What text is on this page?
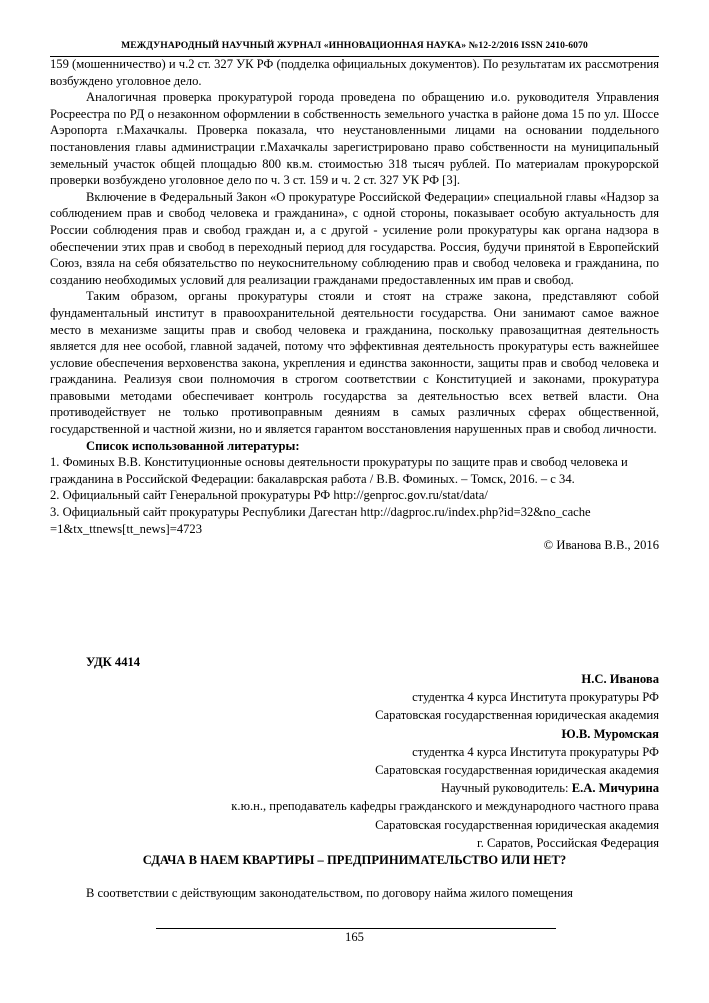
МЕЖДУНАРОДНЫЙ НАУЧНЫЙ ЖУРНАЛ «ИННОВАЦИОННАЯ НАУКА» №12-2/2016 ISSN 2410-6070

159 (мошенничество) и ч.2 ст. 327 УК РФ (подделка официальных документов). По результатам их рассмотрения возбуждено уголовное дело.

Аналогичная проверка прокуратурой города проведена по обращению и.о. руководителя Управления Росреестра по РД о незаконном оформлении в собственность земельного участка в районе дома 15 по ул. Шоссе Аэропорта г.Махачкалы. Проверка показала, что неустановленными лицами на основании поддельного постановления главы администрации г.Махачкалы зарегистрировано право собственности на муниципальный земельный участок общей площадью 800 кв.м. стоимостью 318 тысяч рублей. По материалам прокурорской проверки возбуждено уголовное дело по ч. 3 ст. 159 и ч. 2 ст. 327 УК РФ [3].

Включение в Федеральный Закон «О прокуратуре Российской Федерации» специальной главы «Надзор за соблюдением прав и свобод человека и гражданина», с одной стороны, показывает особую актуальность для России соблюдения прав и свобод граждан и, а с другой - усиление роли прокуратуры как органа надзора в обеспечении этих прав и свобод в переходный период для государства. Россия, будучи принятой в Европейский Союз, взяла на себя обязательство по неукоснительному соблюдению прав и свобод человека и гражданина, по созданию необходимых условий для реализации гражданами предоставленных им прав и свобод.

Таким образом, органы прокуратуры стояли и стоят на страже закона, представляют собой фундаментальный институт в правоохранительной деятельности государства. Они занимают самое важное место в механизме защиты прав и свобод человека и гражданина, поскольку правозащитная деятельность является для нее особой, главной задачей, потому что эффективная деятельность прокуратуры есть важнейшее условие обеспечения верховенства закона, укрепления и единства законности, защиты прав и свобод человека и гражданина. Реализуя свои полномочия в строгом соответствии с Конституцией и законами, прокуратура правовыми методами обеспечивает контроль государства за деятельностью всех ветвей власти. Она противодействует не только противоправным деяниям в самых различных сферах общественной, государственной и частной жизни, но и является гарантом восстановления нарушенных прав и свобод личности.

Список использованной литературы:

1. Фоминых В.В. Конституционные основы деятельности прокуратуры по защите прав и свобод человека и гражданина в Российской Федерации: бакалаврская работа / В.В. Фоминых. – Томск, 2016. – с 34.

2. Официальный сайт Генеральной прокуратуры РФ http://genproc.gov.ru/stat/data/

3. Официальный сайт прокуратуры Республики Дагестан http://dagproc.ru/index.php?id=32&no_cache =1&tx_ttnews[tt_news]=4723

© Иванова В.В., 2016

УДК 4414

Н.С. Иванова

студентка 4 курса Института прокуратуры РФ

Саратовская государственная юридическая академия

Ю.В. Муромская

студентка 4 курса Института прокуратуры РФ

Саратовская государственная юридическая академия

Научный руководитель: Е.А. Мичурина

к.ю.н., преподаватель кафедры гражданского и международного частного права

Саратовская государственная юридическая академия

г. Саратов, Российская Федерация

СДАЧА В НАЕМ КВАРТИРЫ – ПРЕДПРИНИМАТЕЛЬСТВО ИЛИ НЕТ?
В соответствии с действующим законодательством, по договору найма жилого помещения
165
